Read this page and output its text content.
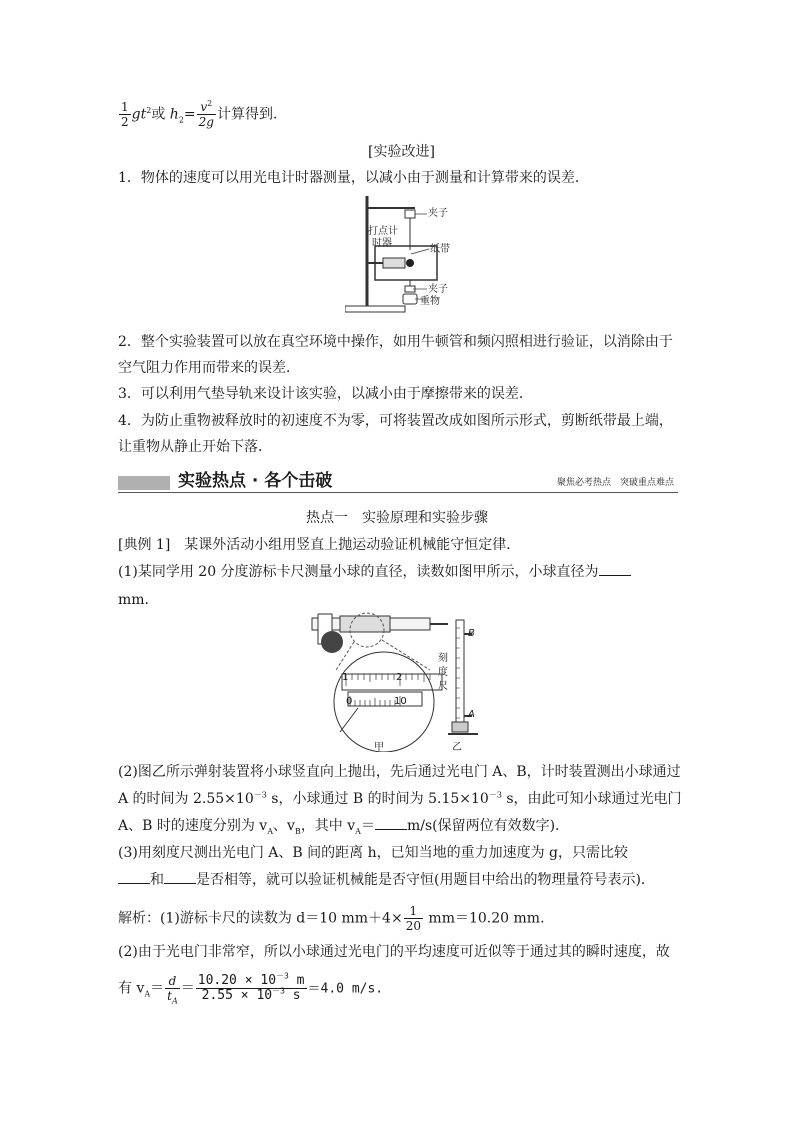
$\frac{1}{2} gt^2$或 $h_2= \frac{v^2}{2g}$ 计算得到．
[实验改进]
1．物体的速度可以用光电计时器测量，以减小由于测量和计算带来的误差．
夹子
打点计
时器
纸带
夹子
重物
2．整个实验装置可以放在真空环境中操作，如用牛顿管和频闪照相进行验证，以消除由于
空气阻力作用而带来的误差．
3．可以利用气垫导轨来设计该实验，以减小由于摩擦带来的误差．
4．为防止重物被释放时的初速度不为零，可将装置改成如图所示形式，剪断纸带最上端，
让重物从静止开始下落．
实验热点 · 各个击破	聚焦必考热点　突破重点难点
热点一　实验原理和实验步骤
[典例 1]　某课外活动小组用竖直上抛运动验证机械能守恒定律．
(1)某同学用 20 分度游标卡尺测量小球的直径，读数如图甲所示，小球直径为
mm.
1	2
0	10
甲
B
A
刻
度
尺
乙
(2)图乙所示弹射装置将小球竖直向上抛出，先后通过光电门 A、B，计时装置测出小球通过
A 的时间为 $2.55\times 10^{-3}$ s，小球通过 B 的时间为 $5.15\times 10^{-3}$ s，由此可知小球通过光电门
A、B 时的速度分别为 $v_A$、$v_B$，其中 $v_A= m/s$(保留两位有效数字)．
(3)用刻度尺测出光电门 A、B 间的距离 h，已知当地的重力加速度为 g，只需比较
和 是否相等，就可以验证机械能是否守恒(用题目中给出的物理量符号表示)．
解析：(1)游标卡尺的读数为 d＝10 $mm+4\times \frac{1}{20} mm=10.20$ mm.
(2)由于光电门非常窄，所以小球通过光电门的平均速度可近似等于通过其的瞬时速度，故
有 $v_A= \frac{d}{t_A} = \frac{10.20 \times 10^{-3} m}{2.55 \times 10^{-3} s} =4.0$ m/s.
